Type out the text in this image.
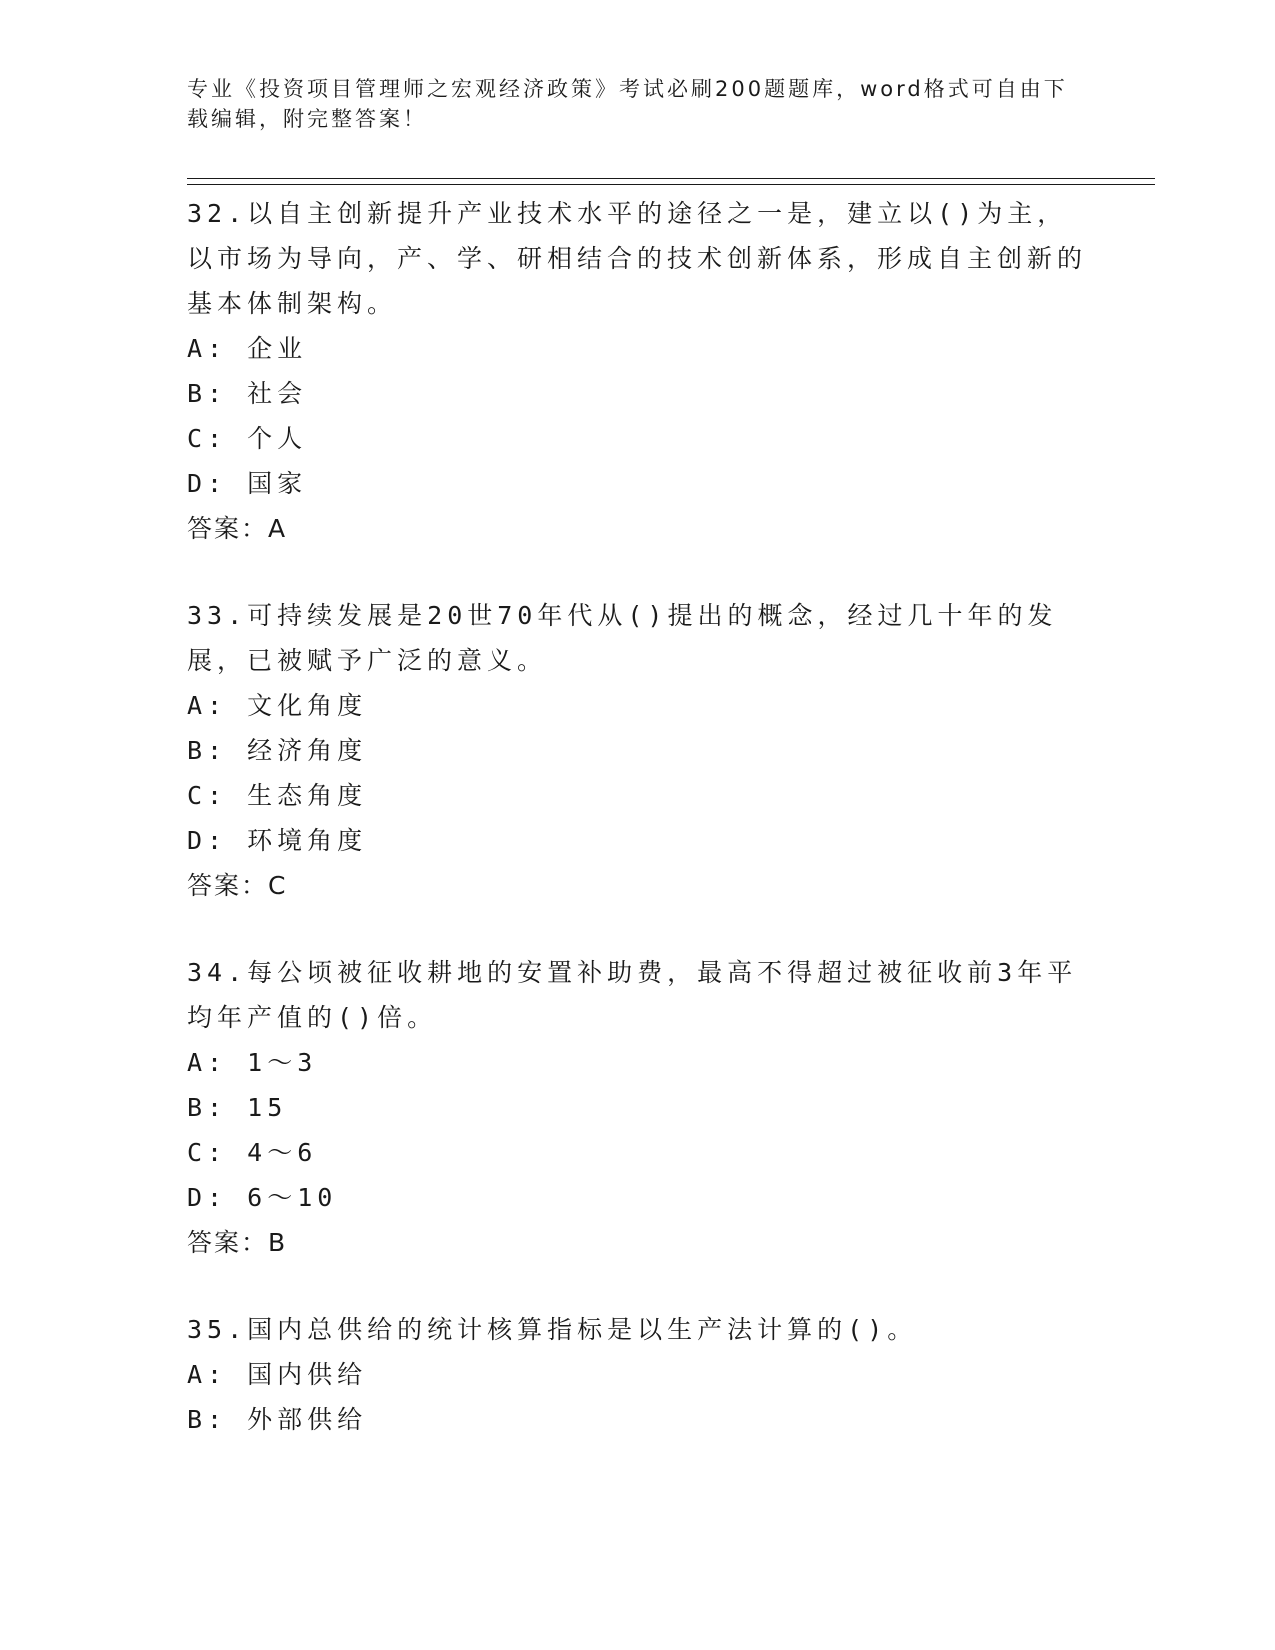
专业《投资项目管理师之宏观经济政策》考试必刷200题题库，word格式可自由下载编辑，附完整答案！

32.以自主创新提升产业技术水平的途径之一是，建立以()为主，以市场为导向，产、学、研相结合的技术创新体系，形成自主创新的基本体制架构。

A: 企业
B: 社会
C: 个人
D: 国家
答案：A

33.可持续发展是20世70年代从()提出的概念，经过几十年的发展，已被赋予广泛的意义。

A: 文化角度
B: 经济角度
C: 生态角度
D: 环境角度
答案：C

34.每公顷被征收耕地的安置补助费，最高不得超过被征收前3年平均年产值的()倍。

A: 1～3
B: 15
C: 4～6
D: 6～10
答案：B

35.国内总供给的统计核算指标是以生产法计算的()。

A: 国内供给
B: 外部供给
